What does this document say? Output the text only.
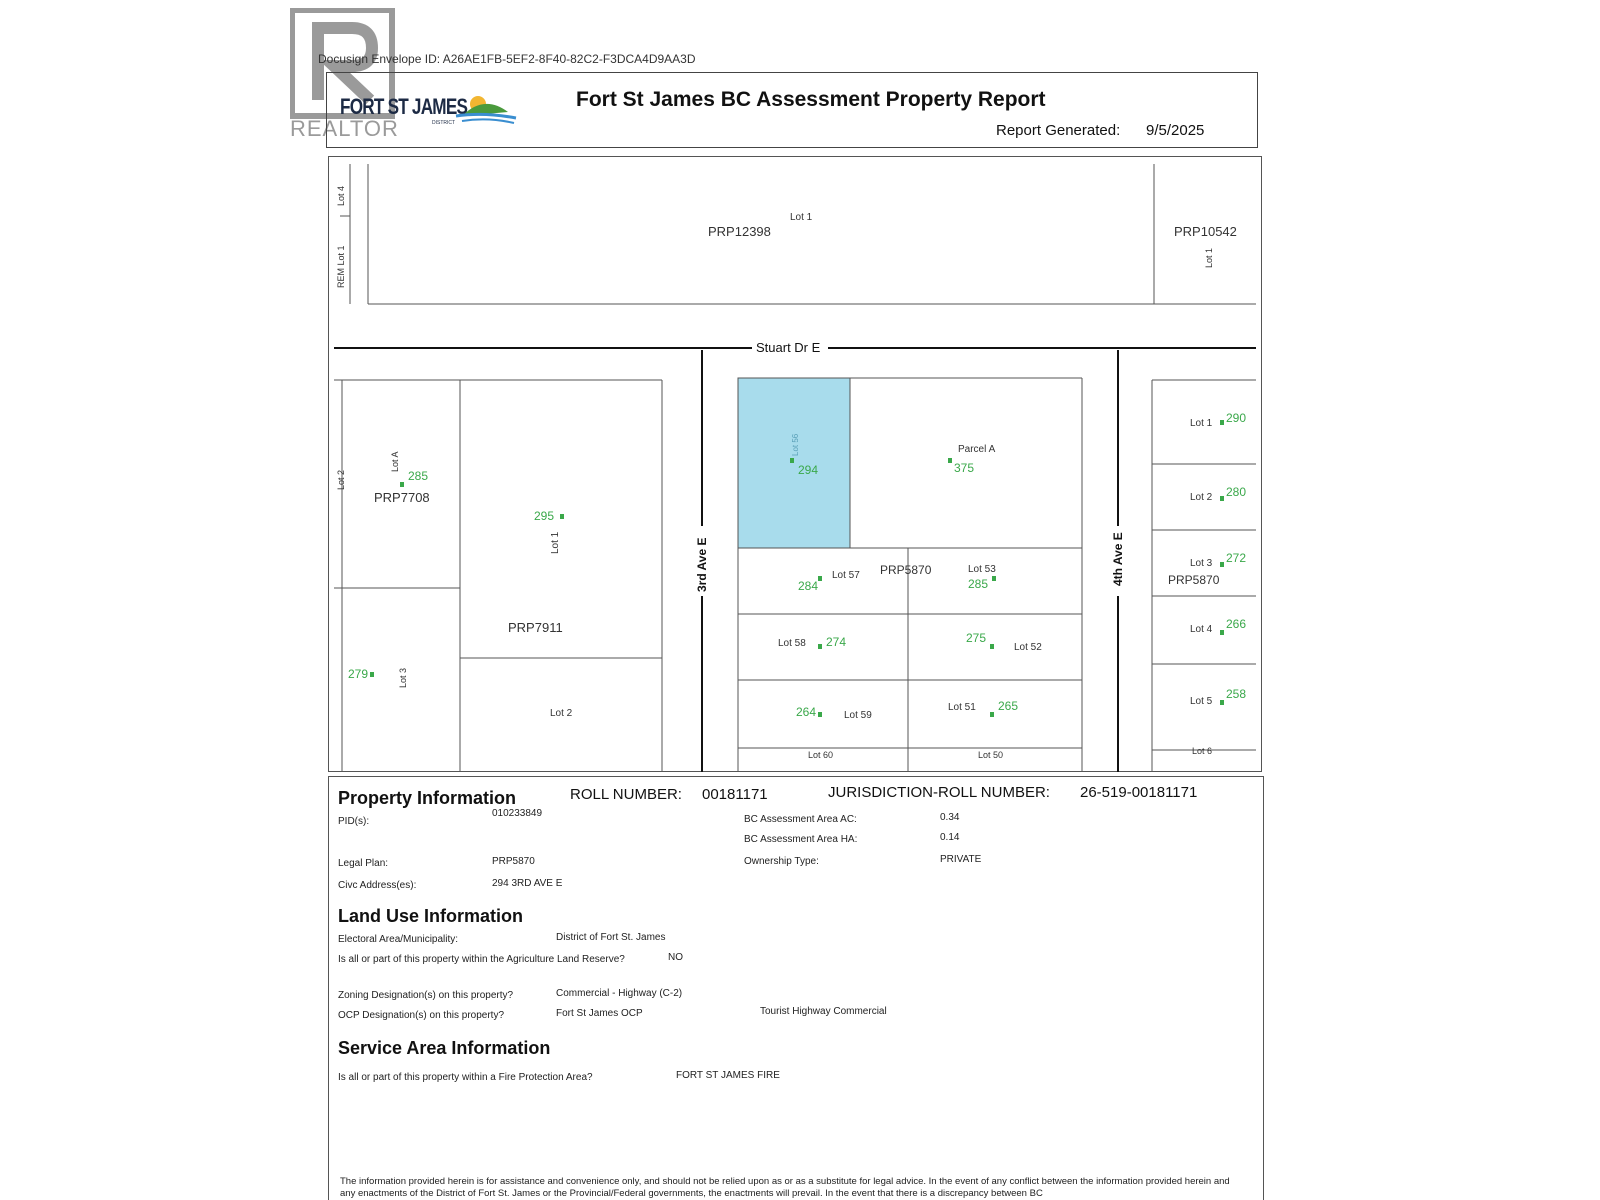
REALTOR
Docusign Envelope ID: A26AE1FB-5EF2-8F40-82C2-F3DCA4D9AA3D
FORT ST JAMES
DISTRICT
Fort St James BC Assessment Property Report
Report Generated: 9/5/2025
Stuart Dr E
3rd Ave E	4th Ave E
PRP12398
Lot 1
PRP10542
Lot 1
Lot 4
REM Lot 1
Lot 2
Lot A
285
PRP7708
295
Lot 1
PRP7911
279	Lot 3
Lot 2
Lot 56
294
Parcel A
375
284
Lot 57 PRP5870	Lot 53
285
Lot 58 274	275
Lot 52
264	Lot 59
Lot 51 265
Lot 60	Lot 50
Lot 1 290
Lot 2 280
Lot 3 272
PRP5870
Lot 4 266
Lot 5
258
Lot 6
Property Information	ROLL NUMBER: 00181171	JURISDICTION-ROLL NUMBER: 26-519-00181171
PID(s):
010233849
Legal Plan:	PRP5870
Civc Address(es):	294 3RD AVE E
BC Assessment Area AC:	0.34
BC Assessment Area HA:	0.14
Ownership Type:	PRIVATE
Land Use Information
Electoral Area/Municipality:	District of Fort St. James
Is all or part of this property within the Agriculture Land Reserve?	NO
Zoning Designation(s) on this property?	Commercial - Highway (C-2)
OCP Designation(s) on this property?	Fort St James OCP	Tourist Highway Commercial
Service Area Information
Is all or part of this property within a Fire Protection Area?	FORT ST JAMES FIRE
The information provided herein is for assistance and convenience only, and should not be relied upon as or as a substitute for legal advice. In the event of any conflict between the information provided herein and any enactments of the District of Fort St. James or the Provincial/Federal governments, the enactments will prevail. In the event that there is a discrepancy between BC
